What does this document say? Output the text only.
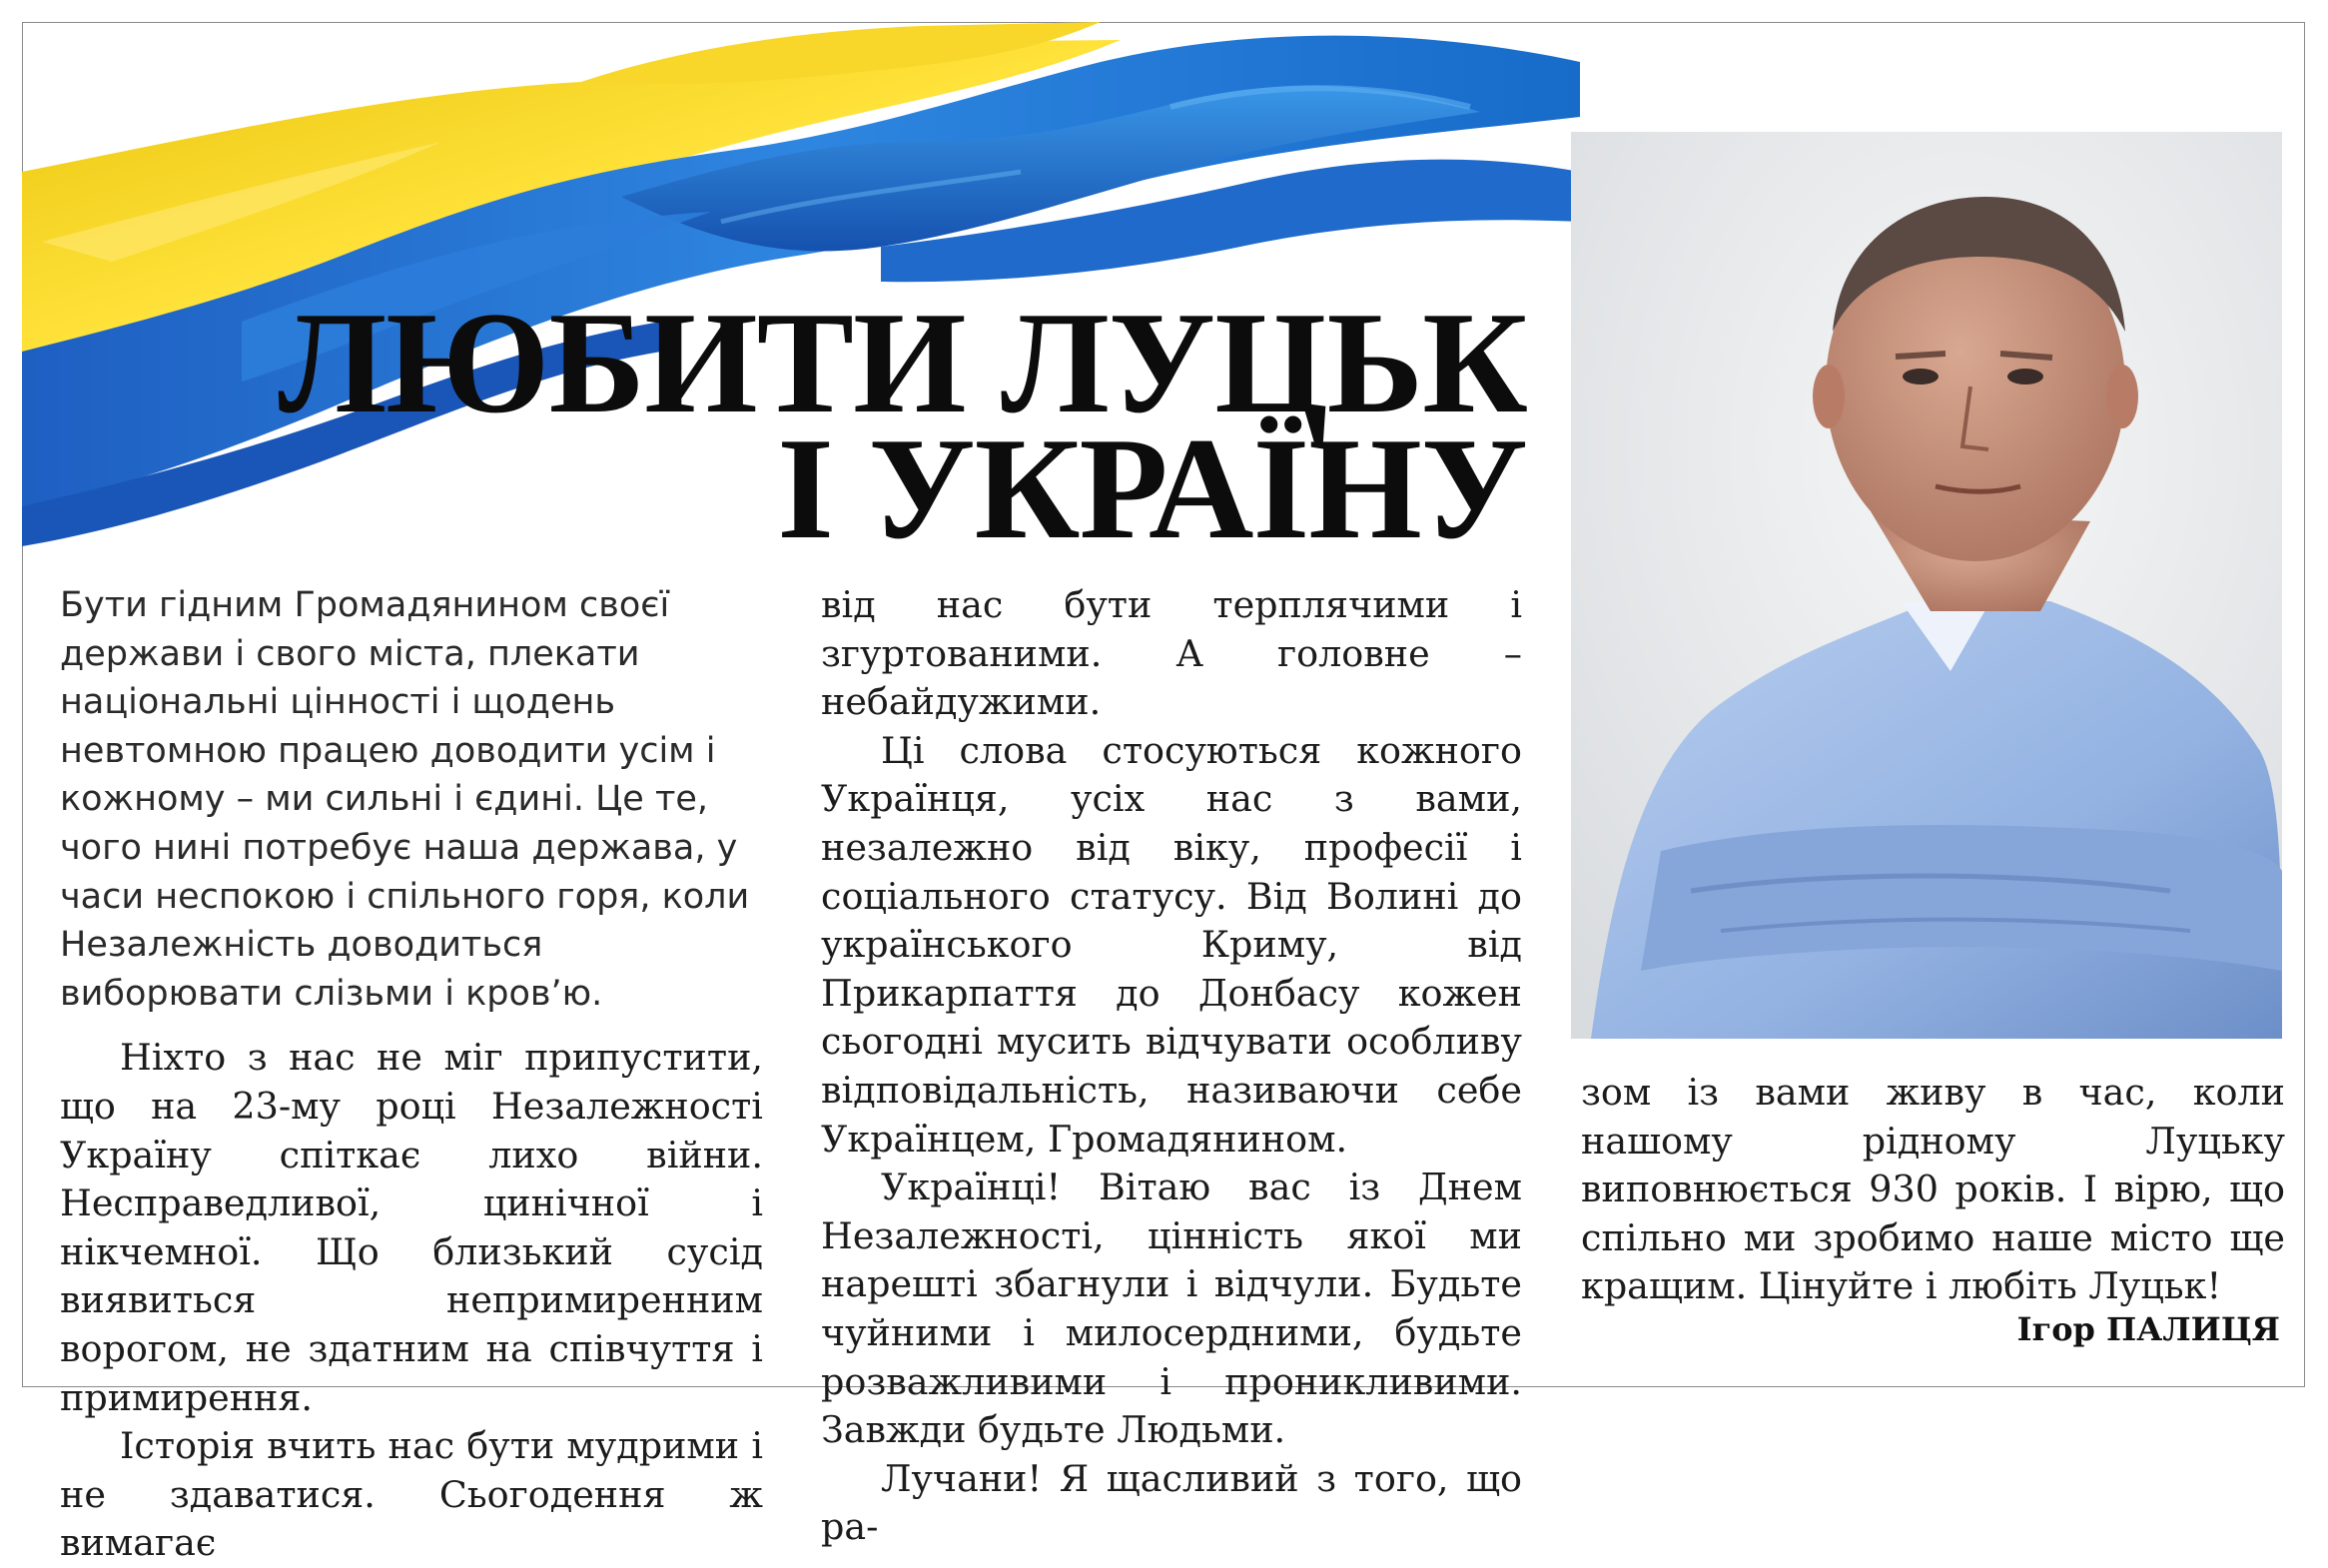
ЛЮБИТИ ЛУЦЬК
І УКРАЇНУ

Бути гідним Громадянином своєї держави і свого міста, плекати національні цінності і щодень невтомною працею доводити усім і кожному – ми сильні і єдині. Це те, чого нині потребує наша держава, у часи неспокою і спільного горя, коли Незалежність доводиться виборювати слізьми і кров’ю.

Ніхто з нас не міг припустити, що на 23-му році Незалежності Україну спіткає лихо війни. Несправедливої, цинічної і нікчемної. Що близький сусід виявиться непримиренним ворогом, не здатним на співчуття і примирення.

Історія вчить нас бути мудрими і не здаватися. Сьогодення ж вимагає

від нас бути терплячими і згуртованими. А головне – небайдужими.

Ці слова стосуються кожного Українця, усіх нас з вами, незалежно від віку, професії і соціального статусу. Від Волині до українського Криму, від Прикарпаття до Донбасу кожен сьогодні мусить відчувати особливу відповідальність, називаючи себе Українцем, Громадянином.

Українці! Вітаю вас із Днем Незалежності, цінність якої ми нарешті збагнули і відчули. Будьте чуйними і милосердними, будьте розважливими і проникливими. Завжди будьте Людьми.

Лучани! Я щасливий з того, що ра-

зом із вами живу в час, коли нашому рідному Луцьку виповнюється 930 років. І вірю, що спільно ми зробимо наше місто ще кращим. Цінуйте і любіть Луцьк!

Ігор ПАЛИЦЯ
